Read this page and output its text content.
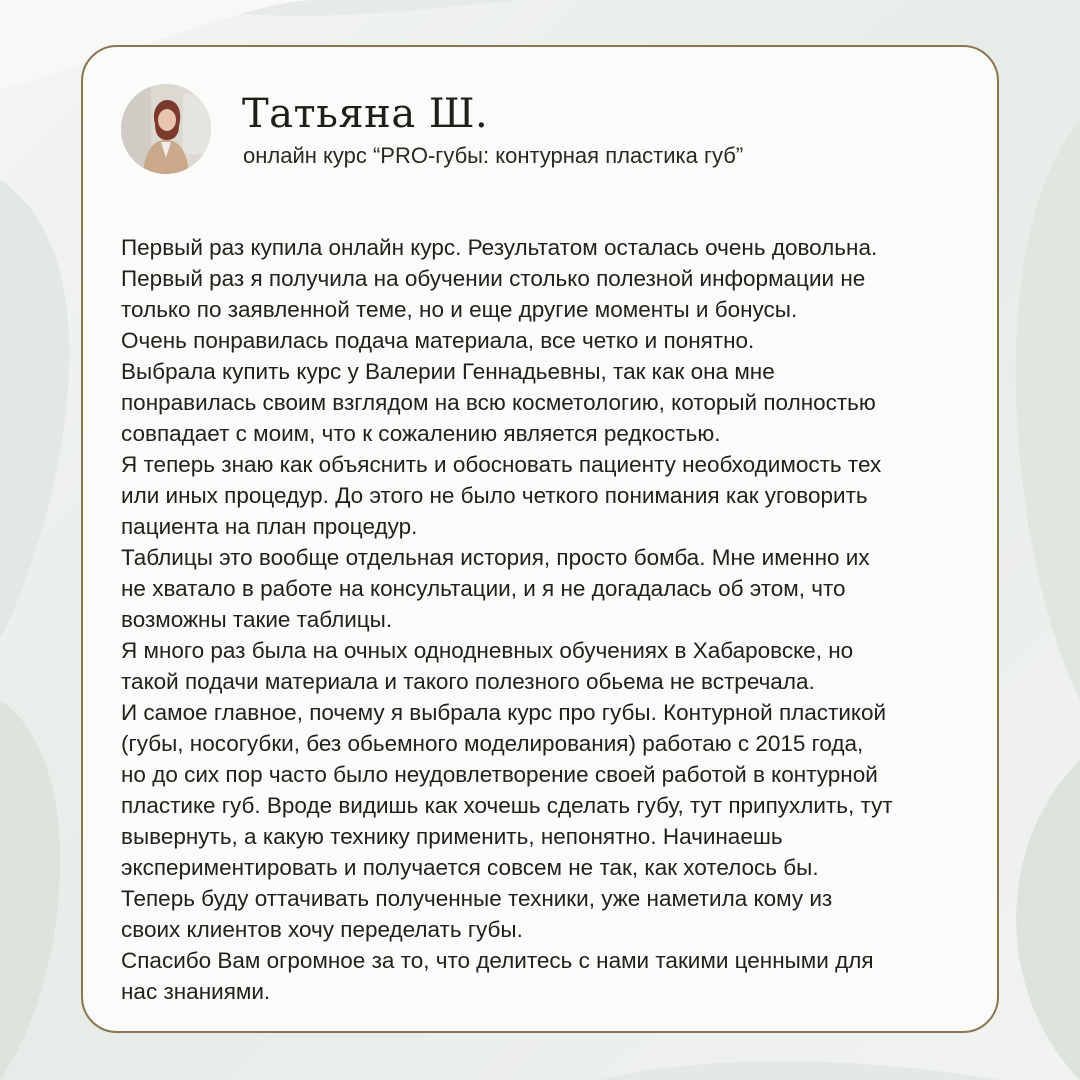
Татьяна Ш.
онлайн курс “PRO-губы: контурная пластика губ”
Первый раз купила онлайн курс. Результатом осталась очень довольна.
Первый раз я получила на обучении столько полезной информации не
только по заявленной теме, но и еще другие моменты и бонусы.
Очень понравилась подача материала, все четко и понятно.
Выбрала купить курс у Валерии Геннадьевны, так как она мне
понравилась своим взглядом на всю косметологию, который полностью
совпадает с моим, что к сожалению является редкостью.
Я теперь знаю как объяснить и обосновать пациенту необходимость тех
или иных процедур. До этого не было четкого понимания как уговорить
пациента на план процедур.
Таблицы это вообще отдельная история, просто бомба. Мне именно их
не хватало в работе на консультации, и я не догадалась об этом, что
возможны такие таблицы.
Я много раз была на очных однодневных обучениях в Хабаровске, но
такой подачи материала и такого полезного обьема не встречала.
И самое главное, почему я выбрала курс про губы. Контурной пластикой
(губы, носогубки, без обьемного моделирования) работаю с 2015 года,
но до сих пор часто было неудовлетворение своей работой в контурной
пластике губ. Вроде видишь как хочешь сделать губу, тут припухлить, тут
вывернуть, а какую технику применить, непонятно. Начинаешь
экспериментировать и получается совсем не так, как хотелось бы.
Теперь буду оттачивать полученные техники, уже наметила кому из
своих клиентов хочу переделать губы.
Спасибо Вам огромное за то, что делитесь с нами такими ценными для
нас знаниями.
